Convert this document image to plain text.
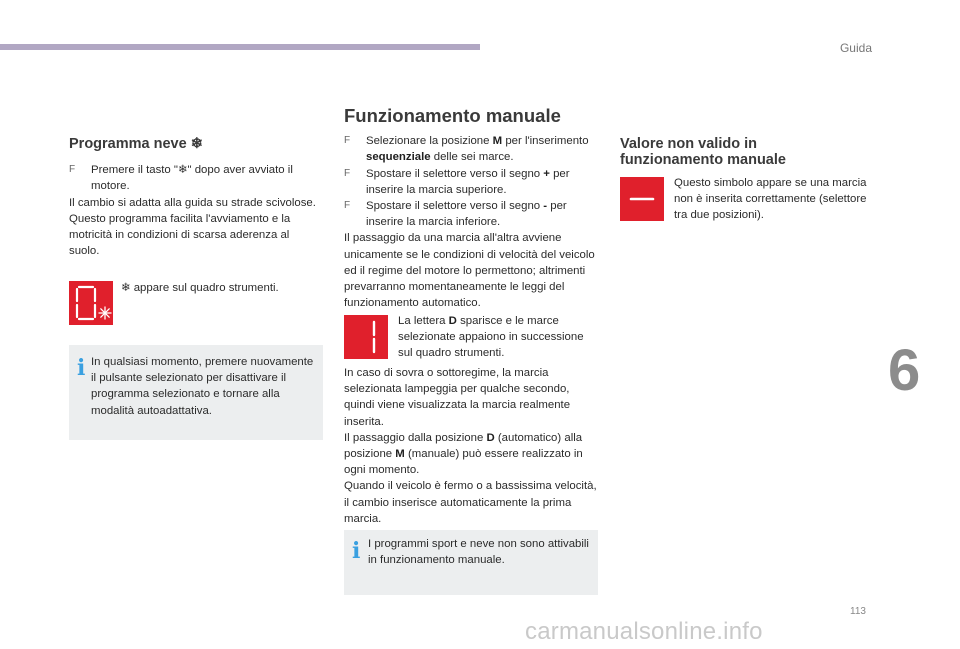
Guida
6
113
carmanualsonline.info
Programma neve ❄
F Premere il tasto "❄" dopo aver avviato il motore.

Il cambio si adatta alla guida su strade scivolose.

Questo programma facilita l'avviamento e la motricità in condizioni di scarsa aderenza al suolo.

❄ appare sul quadro strumenti.
i In qualsiasi momento, premere nuovamente il pulsante selezionato per disattivare il programma selezionato e tornare alla modalità autoadattativa.
Funzionamento manuale
F Selezionare la posizione M per l'inserimento sequenziale delle sei marce.
F Spostare il selettore verso il segno + per inserire la marcia superiore.
F Spostare il selettore verso il segno - per inserire la marcia inferiore.

Il passaggio da una marcia all'altra avviene unicamente se le condizioni di velocità del veicolo ed il regime del motore lo permettono; altrimenti prevarranno momentaneamente le leggi del funzionamento automatico.

La lettera D sparisce e le marce selezionate appaiono in successione sul quadro strumenti.

In caso di sovra o sottoregime, la marcia selezionata lampeggia per qualche secondo, quindi viene visualizzata la marcia realmente inserita.

Il passaggio dalla posizione D (automatico) alla posizione M (manuale) può essere realizzato in ogni momento.

Quando il veicolo è fermo o a bassissima velocità, il cambio inserisce automaticamente la prima marcia.

i I programmi sport e neve non sono attivabili in funzionamento manuale.
Valore non valido in funzionamento manuale
Questo simbolo appare se una marcia non è inserita correttamente (selettore tra due posizioni).
